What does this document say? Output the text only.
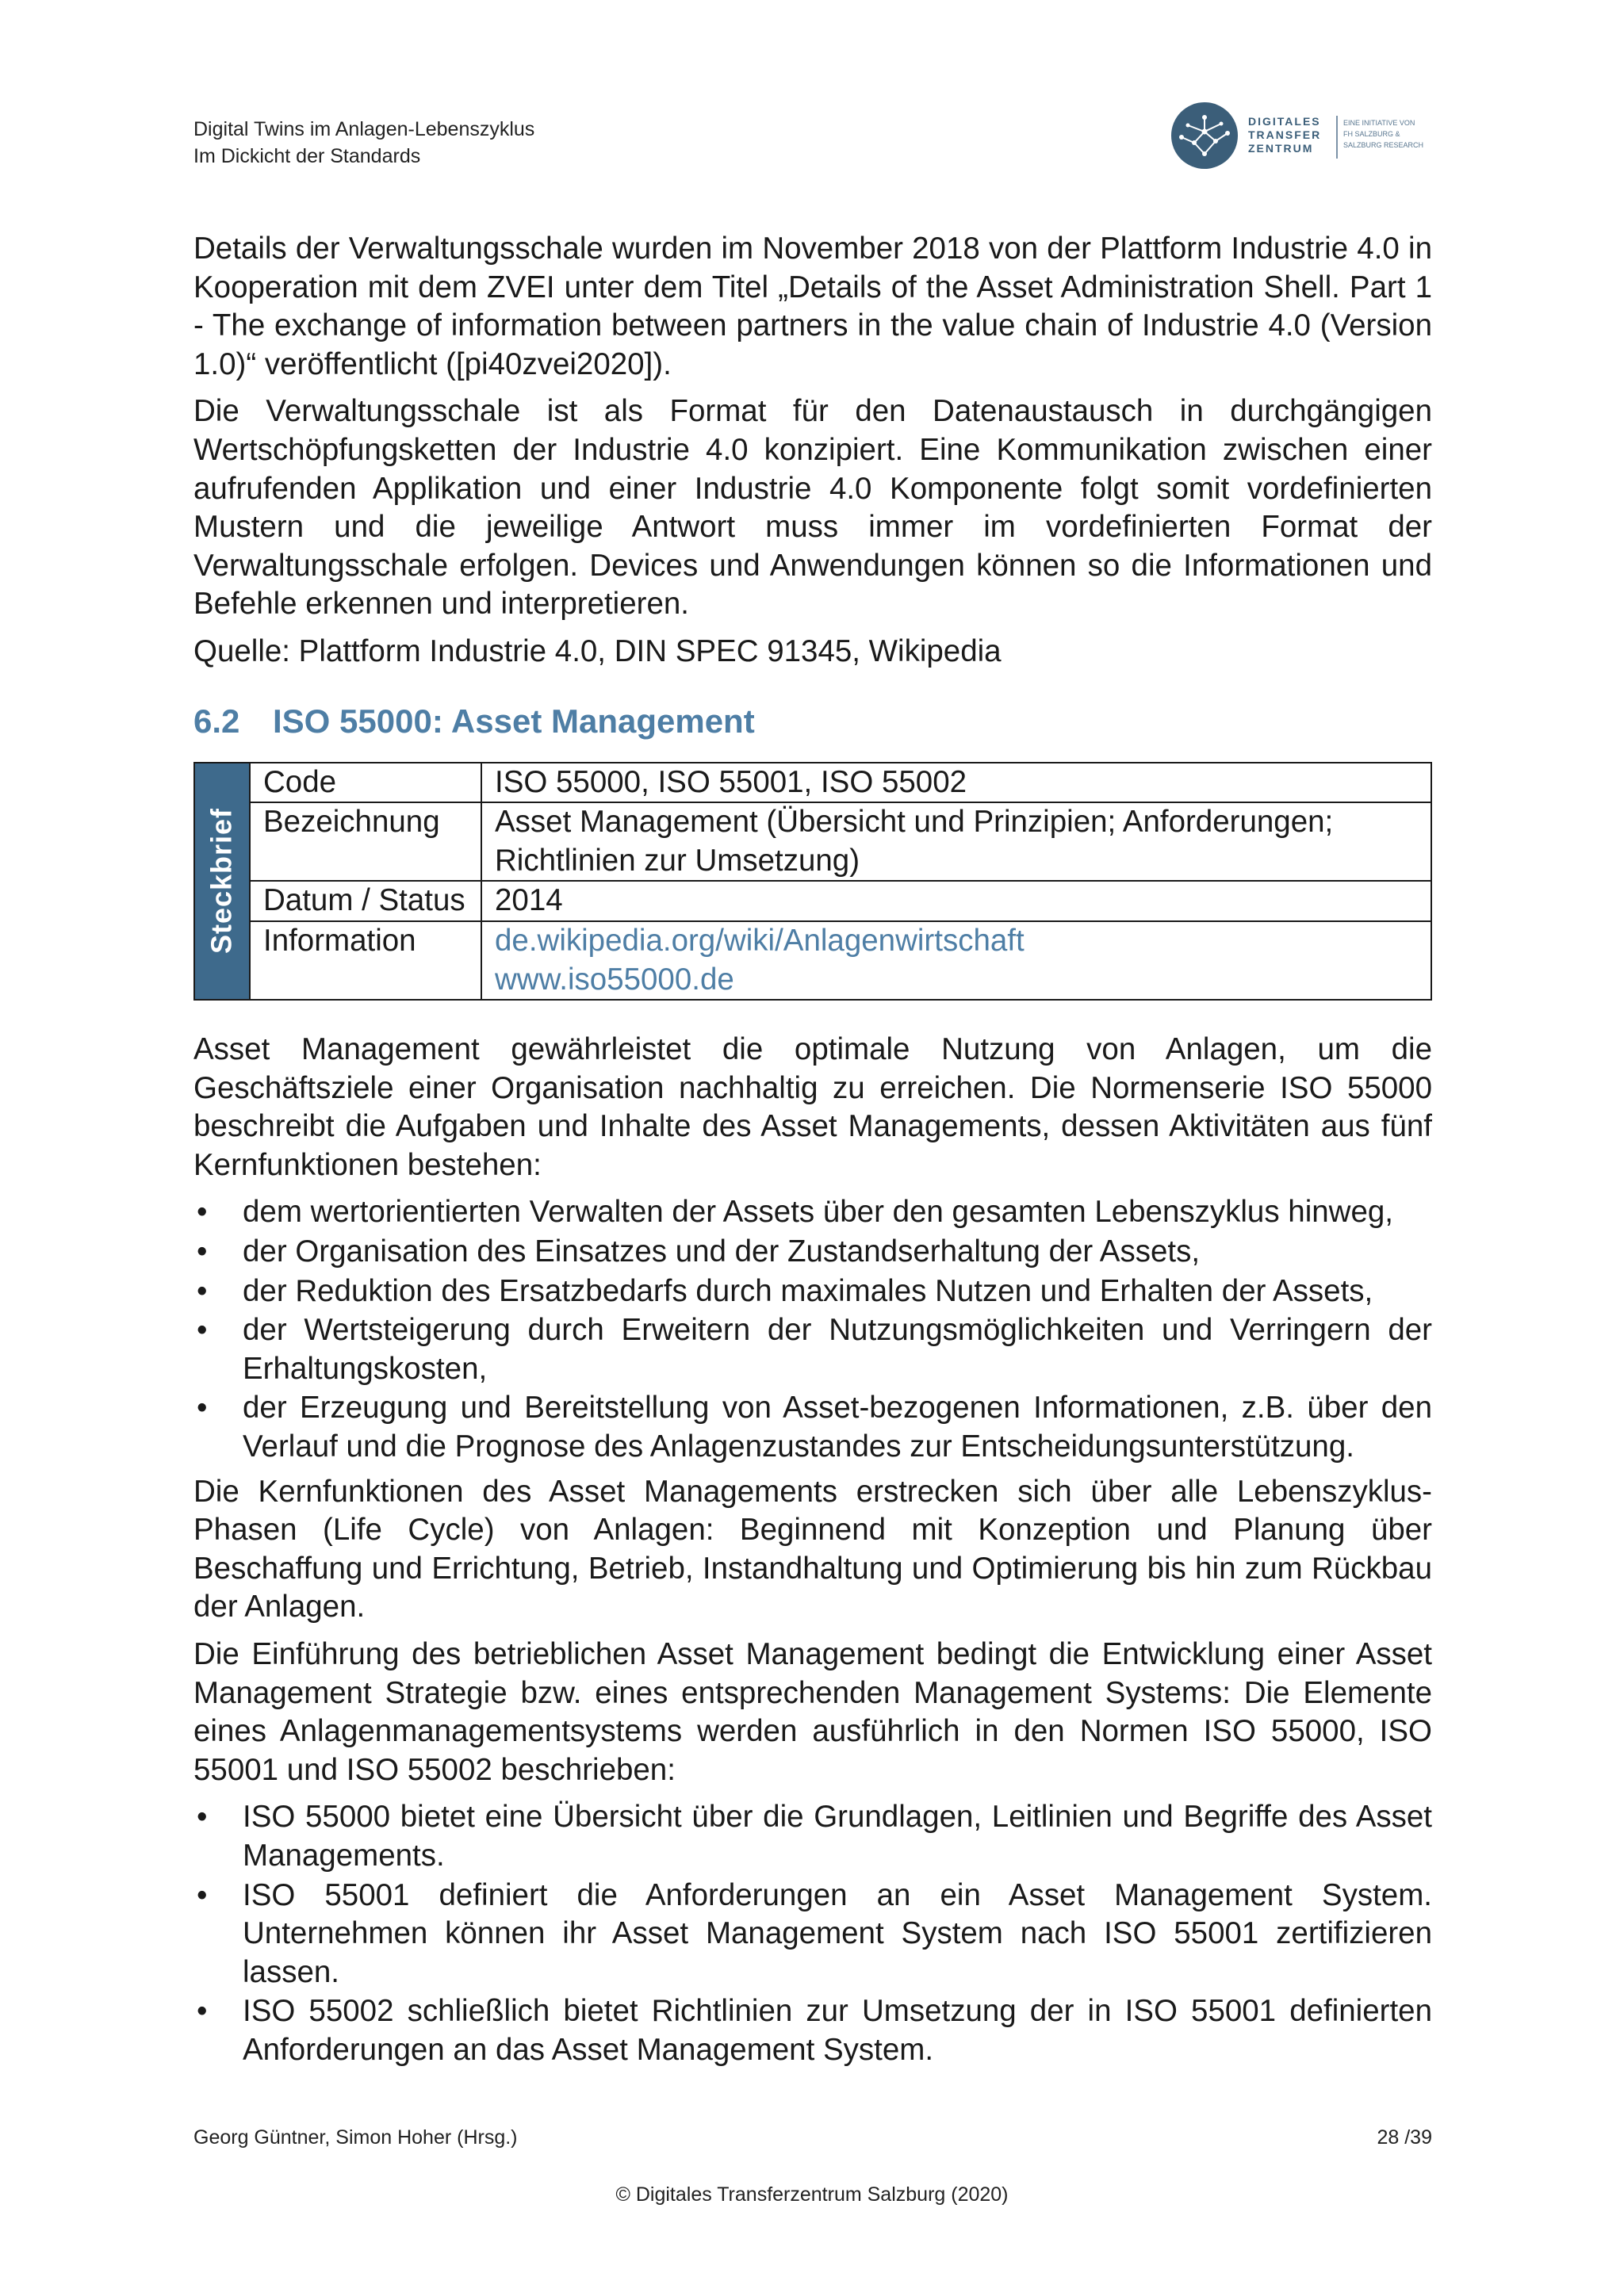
Digital Twins im Anlagen-Lebenszyklus
Im Dickicht der Standards
DIGITALES
TRANSFER
ZENTRUM
EINE INITIATIVE VON
FH SALZBURG &
SALZBURG RESEARCH

Details der Verwaltungsschale wurden im November 2018 von der Plattform Industrie 4.0 in Kooperation mit dem ZVEI unter dem Titel „Details of the Asset Administration Shell. Part 1 - The exchange of information between partners in the value chain of Industrie 4.0 (Version 1.0)“ veröffentlicht ([pi40zvei2020]).

Die Verwaltungsschale ist als Format für den Datenaustausch in durchgängigen Wertschöpfungsketten der Industrie 4.0 konzipiert. Eine Kommunikation zwischen einer aufrufenden Applikation und einer Industrie 4.0 Komponente folgt somit vordefinierten Mustern und die jeweilige Antwort muss immer im vordefinierten Format der Verwaltungsschale erfolgen. Devices und Anwendungen können so die Informationen und Befehle erkennen und interpretieren.

Quelle: Plattform Industrie 4.0, DIN SPEC 91345, Wikipedia

6.2 ISO 55000: Asset Management
Steckbrief
Code	ISO 55000, ISO 55001, ISO 55002
Bezeichnung	Asset Management (Übersicht und Prinzipien; Anforderungen; Richtlinien zur Umsetzung)
Datum / Status	2014
Information	de.wikipedia.org/wiki/Anlagenwirtschaft
www.iso55000.de

Asset Management gewährleistet die optimale Nutzung von Anlagen, um die Geschäftsziele einer Organisation nachhaltig zu erreichen. Die Normenserie ISO 55000 beschreibt die Aufgaben und Inhalte des Asset Managements, dessen Aktivitäten aus fünf Kernfunktionen bestehen:

• dem wertorientierten Verwalten der Assets über den gesamten Lebenszyklus hinweg,
• der Organisation des Einsatzes und der Zustandserhaltung der Assets,
• der Reduktion des Ersatzbedarfs durch maximales Nutzen und Erhalten der Assets,
• der Wertsteigerung durch Erweitern der Nutzungsmöglichkeiten und Verringern der Erhaltungskosten,
• der Erzeugung und Bereitstellung von Asset-bezogenen Informationen, z.B. über den Verlauf und die Prognose des Anlagenzustandes zur Entscheidungsunterstützung.

Die Kernfunktionen des Asset Managements erstrecken sich über alle Lebenszyklus-Phasen (Life Cycle) von Anlagen: Beginnend mit Konzeption und Planung über Beschaffung und Errichtung, Betrieb, Instandhaltung und Optimierung bis hin zum Rückbau der Anlagen.

Die Einführung des betrieblichen Asset Management bedingt die Entwicklung einer Asset Management Strategie bzw. eines entsprechenden Management Systems: Die Elemente eines Anlagenmanagementsystems werden ausführlich in den Normen ISO 55000, ISO 55001 und ISO 55002 beschrieben:

• ISO 55000 bietet eine Übersicht über die Grundlagen, Leitlinien und Begriffe des Asset Managements.
• ISO 55001 definiert die Anforderungen an ein Asset Management System. Unternehmen können ihr Asset Management System nach ISO 55001 zertifizieren lassen.
• ISO 55002 schließlich bietet Richtlinien zur Umsetzung der in ISO 55001 definierten Anforderungen an das Asset Management System.
Georg Güntner, Simon Hoher (Hrsg.)	28 /39
© Digitales Transferzentrum Salzburg (2020)
